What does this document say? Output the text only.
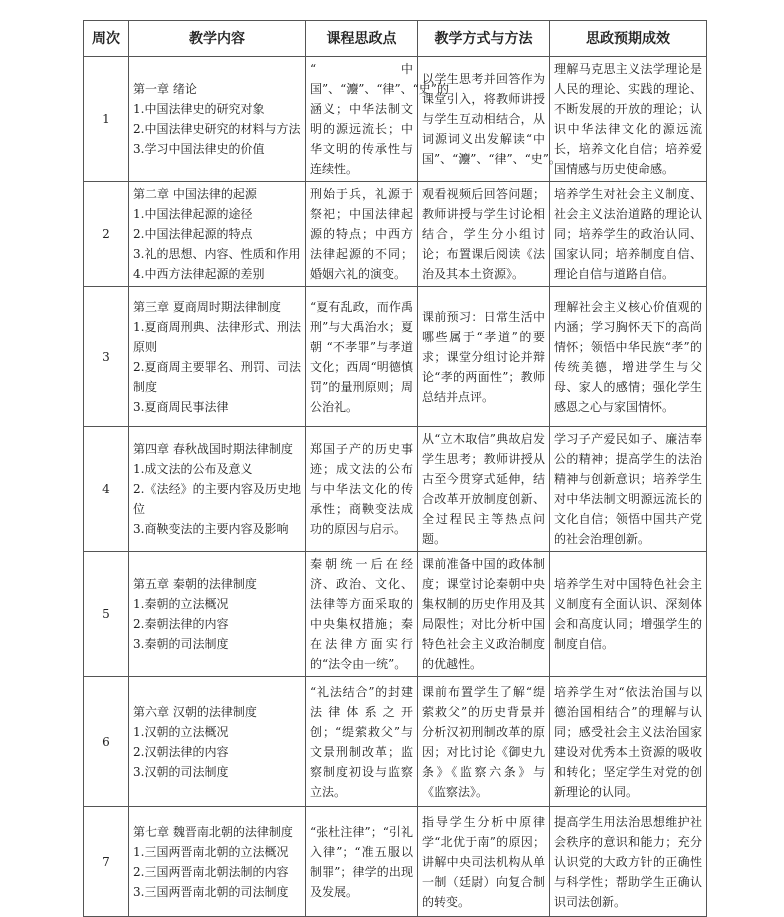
周次	教学内容	课程思政点	教学方式与方法	思政预期成效
1	第一章 绪论
1.中国法律史的研究对象
2.中国法律史研究的材料与方法
3.学习中国法律史的价值	“中国”、“灋”、“律”、“史”的涵义；中华法制文明的源远流长；中华文明的传承性与连续性。	以学生思考并回答作为课堂引入，将教师讲授与学生互动相结合，从词源词义出发解读“中国”、“灋”、“律”、“史”。	理解马克思主义法学理论是人民的理论、实践的理论、不断发展的开放的理论；认识中华法律文化的源远流长，培养文化自信；培养爱国情感与历史使命感。
2	第二章 中国法律的起源
1.中国法律起源的途径
2.中国法律起源的特点
3.礼的思想、内容、性质和作用
4.中西方法律起源的差别	刑始于兵，礼源于祭祀；中国法律起源的特点；中西方法律起源的不同；婚姻六礼的演变。	观看视频后回答问题；教师讲授与学生讨论相结合，学生分小组讨论；布置课后阅读《法治及其本土资源》。	培养学生对社会主义制度、社会主义法治道路的理论认同；培养学生的政治认同、国家认同；培养制度自信、理论自信与道路自信。
3	第三章 夏商周时期法律制度
1.夏商周刑典、法律形式、刑法原则
2.夏商周主要罪名、刑罚、司法制度
3.夏商周民事法律	“夏有乱政，而作禹刑”与大禹治水；夏朝 “不孝罪”与孝道文化；西周“明德慎罚”的量刑原则；周公治礼。	课前预习：日常生活中哪些属于“孝道”的要求；课堂分组讨论并辩论“孝的两面性”；教师总结并点评。	理解社会主义核心价值观的内涵；学习胸怀天下的高尚情怀；领悟中华民族“孝”的传统美德，增进学生与父母、家人的感情；强化学生感恩之心与家国情怀。
4	第四章 春秋战国时期法律制度
1.成文法的公布及意义
2.《法经》的主要内容及历史地位
3.商鞅变法的主要内容及影响	郑国子产的历史事迹；成文法的公布与中华法文化的传承性；商鞅变法成功的原因与启示。	从“立木取信”典故启发学生思考；教师讲授从古至今贯穿式延伸，结合改革开放制度创新、全过程民主等热点问题。	学习子产爱民如子、廉洁奉公的精神；提高学生的法治精神与创新意识；培养学生对中华法制文明源远流长的文化自信；领悟中国共产党的社会治理创新。
5	第五章 秦朝的法律制度
1.秦朝的立法概况
2.秦朝法律的内容
3.秦朝的司法制度	秦朝统一后在经济、政治、文化、法律等方面采取的中央集权措施；秦在法律方面实行的“法令由一统”。	课前准备中国的政体制度；课堂讨论秦朝中央集权制的历史作用及其局限性；对比分析中国特色社会主义政治制度的优越性。	培养学生对中国特色社会主义制度有全面认识、深刻体会和高度认同；增强学生的制度自信。
6	第六章 汉朝的法律制度
1.汉朝的立法概况
2.汉朝法律的内容
3.汉朝的司法制度	“礼法结合”的封建法律体系之开创；“缇萦救父”与文景刑制改革；监察制度初设与监察立法。	课前布置学生了解“缇萦救父”的历史背景并分析汉初刑制改革的原因；对比讨论《御史九条》《监察六条》与《监察法》。	培养学生对“依法治国与以德治国相结合”的理解与认同；感受社会主义法治国家建设对优秀本土资源的吸收和转化；坚定学生对党的创新理论的认同。
7	第七章 魏晋南北朝的法律制度
1.三国两晋南北朝的立法概况
2.三国两晋南北朝法制的内容
3.三国两晋南北朝的司法制度	“张杜注律”；“引礼入律”；“准五服以制罪”；律学的出现及发展。	指导学生分析中原律学“北优于南”的原因；讲解中央司法机构从单一制（廷尉）向复合制的转变。	提高学生用法治思想维护社会秩序的意识和能力；充分认识党的大政方针的正确性与科学性；帮助学生正确认识司法创新。
